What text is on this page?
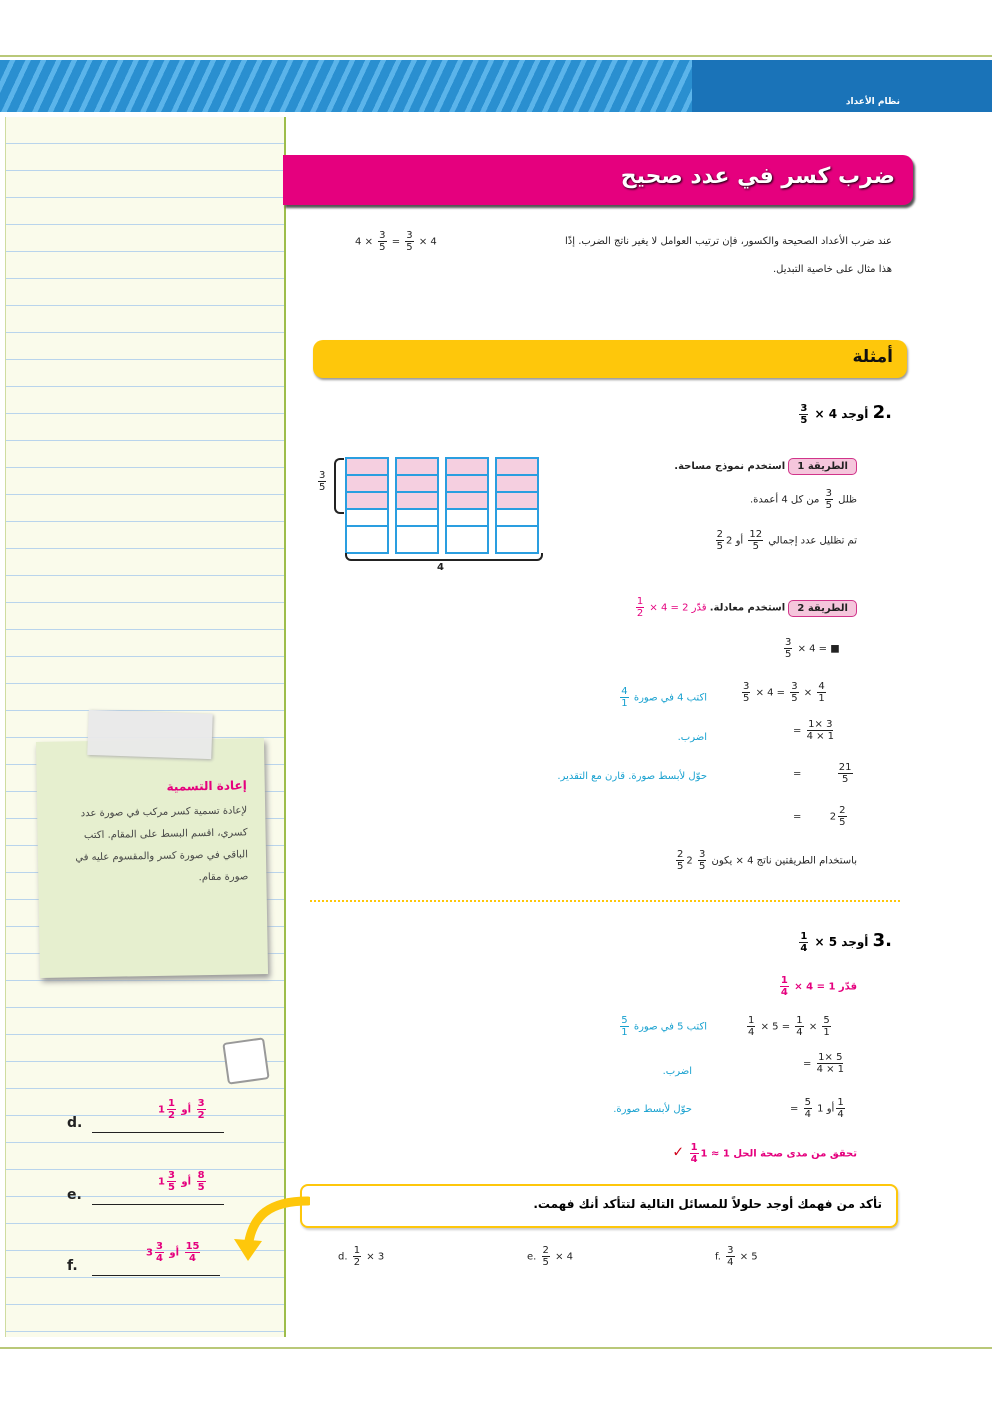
نظام الأعداد
ضرب كسر في عدد صحيح
عند ضرب الأعداد الصحيحة والكسور، فإن ترتيب العوامل لا يغير ناتج الضرب. إذًا
$4 \times \frac{3}{5} = \frac{3}{5} \times 4$
هذا مثال على خاصية التبديل.
أمثلة
.2 أوجد 4 ×
$\frac{3}{5}$
الطريقة 1 استخدم نموذج مساحة.
ظلل
$\frac{3}{5}$
من كل 4 أعمدة.
تم تظليل عدد إجمالي
$\frac{12}{5}$
أو 2
$\frac{2}{5}$
$\frac{3}{5}$
4
الطريقة 2 استخدم معادلة. قدّر 2 = 4 ×
$\frac{1}{2}$
$\frac{3}{5} \times 4$ = ■
$\frac{3}{5} \times 4 = \frac{3}{5} \times \frac{4}{1}$
اكتب 4 في صورة
$\frac{4}{1}$
= $\frac{1\times 3}{4 \times 1}$
اضرب.
=	$\frac{21}{5}$
حوّل لأبسط صورة. قارن مع التقدير.
=	$2 \frac{2}{5}$
باستخدام الطريقتين ناتج 4 × يكون
$\frac{3}{5}$
2
$\frac{2}{5}$
.3 أوجد 5 ×
$\frac{1}{4}$
قدّر 1 = 4 ×
$\frac{1}{4}$
$\frac{1}{4} \times 5 = \frac{1}{4} \times \frac{5}{1}$
اكتب 5 في صورة
$\frac{5}{1}$
= $\frac{1\times 5}{4 \times 1}$
اضرب.
= $\frac{5}{4}$ أو $1 \frac{1}{4}$
حوّل لأبسط صورة.
تحقق من مدى صحة الحل 1 ≈ 1
$\frac{1}{4}$
✓
تأكد من فهمك أوجد حلولاً للمسائل التالية لتتأكد أنك فهمت.
d. $\frac{1}{2} \times 3$	e. $\frac{2}{5} \times 4$	f. $\frac{3}{4} \times 5$
إعادة التسمية
لإعادة تسمية كسر مركب في صورة عدد كسري، اقسم البسط على المقام. اكتب الباقي في صورة كسر والمقسوم عليه في صورة مقام.
d.
$1 \frac{1}{2}$ أو $\frac{3}{2}$
e.
$1 \frac{3}{5}$ أو $\frac{8}{5}$
f.
$3 \frac{3}{4}$ أو $\frac{15}{4}$
